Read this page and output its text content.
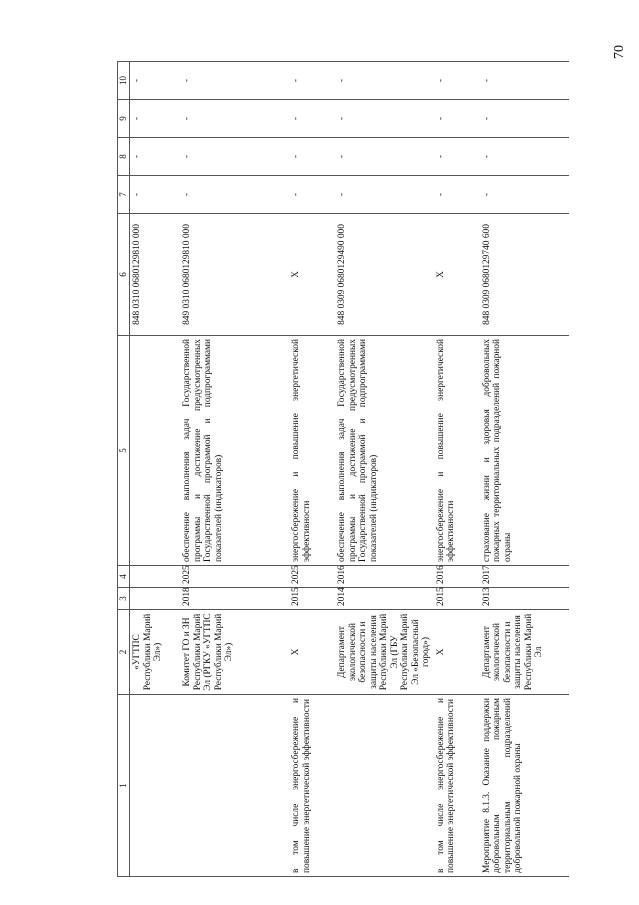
70
1	2	3	4	5	6	7	8	9	10
	«УГТПС Республики Марий Эл»)				848 0310 0680129810 000	-	-	-	-
	Комитет ГО и ЗН Республики Марий Эл (РГКУ «УГТПС Республики Марий Эл»)	2018	2025	обеспечение выполнения задач Государственной программы и достижение предусмотренных Государственной программой и подпрограммами показателей (индикаторов)	849 0310 0680129810 000	-	-	-	-
в том числе энергосбережение и повышение энергетической эффективности	X	2015	2025	энергосбережение и повышение энергетической эффективности	X	-	-	-	-
	Департамент экологической безопасности и защиты населения Республики Марий Эл (ГБУ Республики Марий Эл «Безопасный город»)	2014	2016	обеспечение выполнения задач Государственной программы и достижение предусмотренных Государственной программой и подпрограммами показателей (индикаторов)	848 0309 0680129490 000	-	-	-	-
в том числе энергосбережение и повышение энергетической эффективности	X	2015	2016	энергосбережение и повышение энергетической эффективности	X	-	-	-	-
Мероприятие 8.1.3. Оказание поддержки добровольным пожарным территориальным подразделений добровольной пожарной охраны	Департамент экологической безопасности и защиты населения Республики Марий Эл	2013	2017	страхование жизни и здоровья добровольных пожарных территориальных подразделений пожарной охраны	848 0309 0680129740 600	-	-	-	-
